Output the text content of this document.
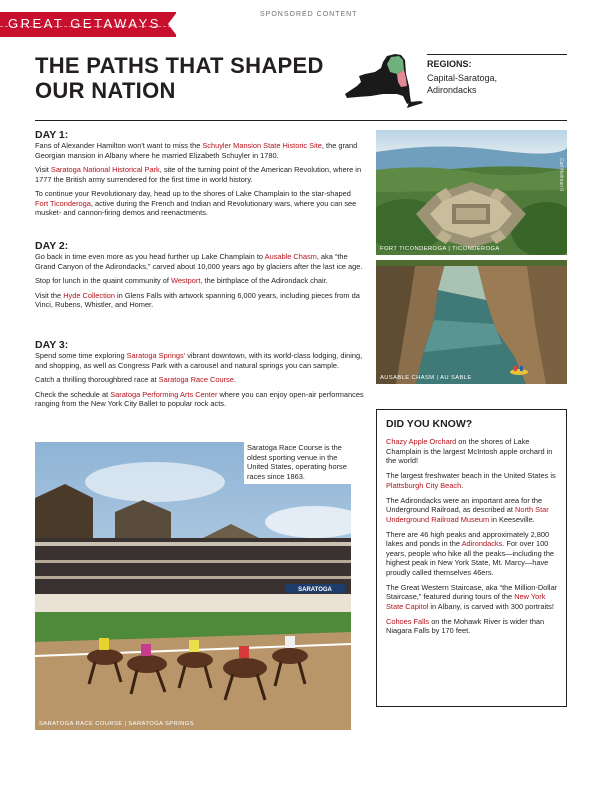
GREAT GETAWAYS
SPONSORED CONTENT
THE PATHS THAT SHAPED OUR NATION
REGIONS:
Capital-Saratoga, Adirondacks
DAY 1:

Fans of Alexander Hamilton won't want to miss the Schuyler Mansion State Historic Site, the grand Georgian mansion in Albany where he married Elizabeth Schuyler in 1780.

Visit Saratoga National Historical Park, site of the turning point of the American Revolution, where in 1777 the British army surrendered for the first time in world history.

To continue your Revolutionary day, head up to the shores of Lake Champlain to the star-shaped Fort Ticonderoga, active during the French and Indian and Revolutionary wars, where you can see musket- and cannon-firing demos and reenactments.

DAY 2:

Go back in time even more as you head further up Lake Champlain to Ausable Chasm, aka “the Grand Canyon of the Adirondacks,” carved about 10,000 years ago by glaciers after the last ice age.

Stop for lunch in the quaint community of Westport, the birthplace of the Adirondack chair.

Visit the Hyde Collection in Glens Falls with artwork spanning 6,000 years, including pieces from da Vinci, Rubens, Whistler, and Homer.

DAY 3:

Spend some time exploring Saratoga Springs' vibrant downtown, with its world-class lodging, dining, and shopping, as well as Congress Park with a carousel and natural springs you can sample.

Catch a thrilling thoroughbred race at Saratoga Race Course.

Check the schedule at Saratoga Performing Arts Center where you can enjoy open-air performances ranging from the New York City Ballet to popular rock acts.

Carl Heilman II
FORT TICONDEROGA | TICONDEROGA
AUSABLE CHASM | AU SABLE
SARATOGA
SARATOGA RACE COURSE | SARATOGA SPRINGS
Saratoga Race Course is the oldest sporting venue in the United States, operating horse races since 1863.
DID YOU KNOW?

Chazy Apple Orchard on the shores of Lake Champlain is the largest McIntosh apple orchard in the world!

The largest freshwater beach in the United States is Plattsburgh City Beach.

The Adirondacks were an important area for the Underground Railroad, as described at North Star Underground Railroad Museum in Keeseville.

There are 46 high peaks and approximately 2,800 lakes and ponds in the Adirondacks. For over 100 years, people who hike all the peaks—including the highest peak in New York State, Mt. Marcy—have proudly called themselves 46ers.

The Great Western Staircase, aka “the Million-Dollar Staircase,” featured during tours of the New York State Capitol in Albany, is carved with 300 portraits!

Cohoes Falls on the Mohawk River is wider than Niagara Falls by 170 feet.
